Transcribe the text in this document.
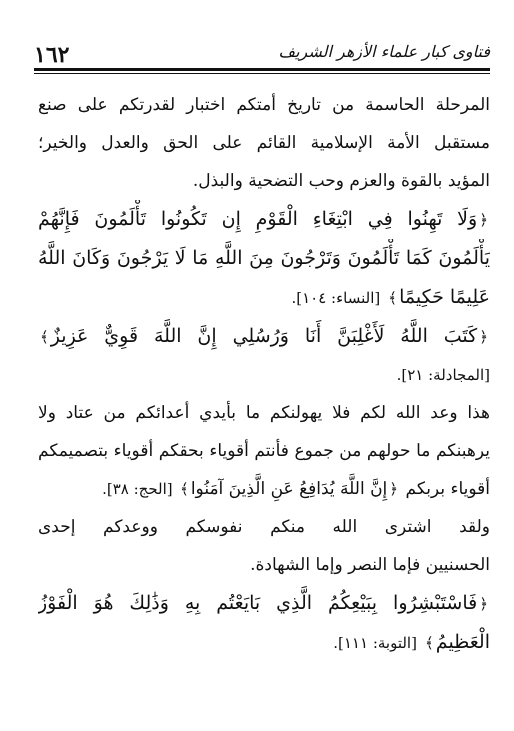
١٦٢	فتاوى كبار علماء الأزهر الشريف
المرحلة الحاسمة من تاريخ أمتكم اختبار لقدرتكم على صنع
مستقبل الأمة الإسلامية القائم على الحق والعدل والخير؛
المؤيد بالقوة والعزم وحب التضحية والبذل.
﴿وَلَا تَهِنُوا فِي ابْتِغَاءِ الْقَوْمِ إِن تَكُونُوا تَأْلَمُونَ فَإِنَّهُمْ
يَأْلَمُونَ كَمَا تَأْلَمُونَ وَتَرْجُونَ مِنَ اللَّهِ مَا لَا يَرْجُونَ وَكَانَ اللَّهُ
عَلِيمًا حَكِيمًا﴾ [النساء: ١٠٤].
﴿كَتَبَ اللَّهُ لَأَغْلِبَنَّ أَنَا وَرُسُلِي إِنَّ اللَّهَ قَوِيٌّ عَزِيزٌ﴾
[المجادلة: ٢١].
هذا وعد الله لكم فلا يهولنكم ما بأيدي أعدائكم من عتاد ولا
يرهبنكم ما حولهم من جموع فأنتم أقوياء بحقكم أقوياء بتصميمكم
أقوياء بربكم ﴿إِنَّ اللَّهَ يُدَافِعُ عَنِ الَّذِينَ آمَنُوا﴾ [الحج: ٣٨].
ولقد اشترى الله منكم نفوسكم ووعدكم إحدى
الحسنيين فإما النصر وإما الشهادة.
﴿فَاسْتَبْشِرُوا بِبَيْعِكُمُ الَّذِي بَايَعْتُم بِهِ وَذَٰلِكَ هُوَ الْفَوْزُ
الْعَظِيمُ﴾ [التوبة: ١١١].
